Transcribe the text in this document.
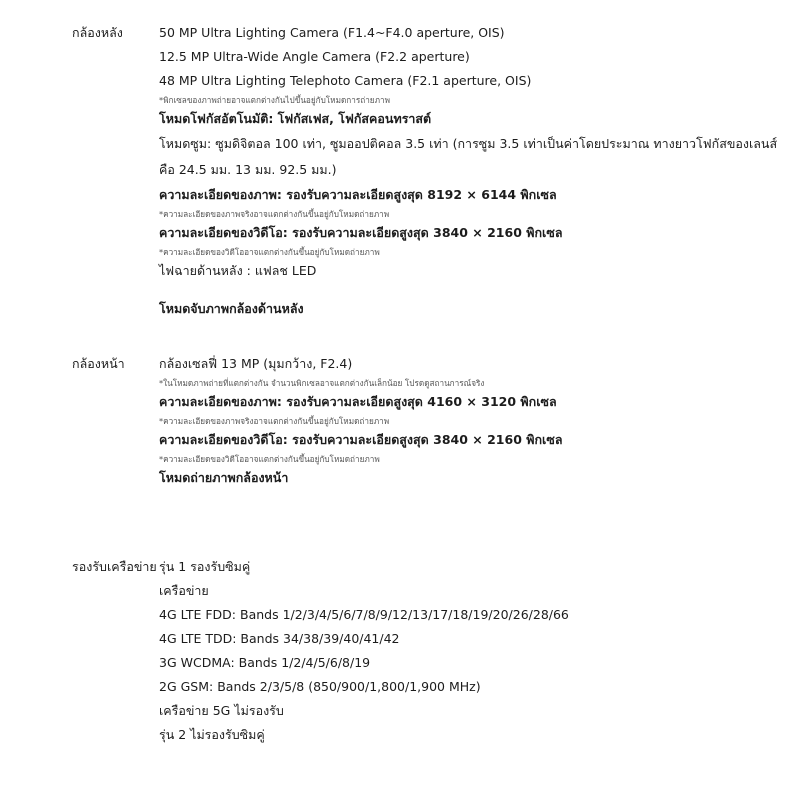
กล้องหลัง	50 MP Ultra Lighting Camera (F1.4~F4.0 aperture, OIS)
12.5 MP Ultra-Wide Angle Camera (F2.2 aperture)
48 MP Ultra Lighting Telephoto Camera (F2.1 aperture, OIS)
*พิกเซลของภาพถ่ายอาจแตกต่างกันไปขึ้นอยู่กับโหมดการถ่ายภาพ
โหมดโฟกัสอัตโนมัติ: โฟกัสเฟส, โฟกัสคอนทราสต์
โหมดซูม: ซูมดิจิตอล 100 เท่า, ซูมออปติคอล 3.5 เท่า (การซูม 3.5 เท่าเป็นค่าโดยประมาณ ทางยาวโฟกัสของเลนส์คือ 24.5 มม. 13 มม. 92.5 มม.)
ความละเอียดของภาพ: รองรับความละเอียดสูงสุด 8192 × 6144 พิกเซล
*ความละเอียดของภาพจริงอาจแตกต่างกันขึ้นอยู่กับโหมดถ่ายภาพ
ความละเอียดของวิดีโอ: รองรับความละเอียดสูงสุด 3840 × 2160 พิกเซล
*ความละเอียดของวิดีโออาจแตกต่างกันขึ้นอยู่กับโหมดถ่ายภาพ
ไฟฉายด้านหลัง : แฟลช LED
โหมดจับภาพกล้องด้านหลัง
กล้องหน้า	กล้องเซลฟี่ 13 MP (มุมกว้าง, F2.4)
*ในโหมดภาพถ่ายที่แตกต่างกัน จำนวนพิกเซลอาจแตกต่างกันเล็กน้อย โปรดดูสถานการณ์จริง
ความละเอียดของภาพ: รองรับความละเอียดสูงสุด 4160 × 3120 พิกเซล
*ความละเอียดของภาพจริงอาจแตกต่างกันขึ้นอยู่กับโหมดถ่ายภาพ
ความละเอียดของวิดีโอ: รองรับความละเอียดสูงสุด 3840 × 2160 พิกเซล
*ความละเอียดของวิดีโออาจแตกต่างกันขึ้นอยู่กับโหมดถ่ายภาพ
โหมดถ่ายภาพกล้องหน้า
รองรับเครือข่าย รุ่น 1 รองรับซิมคู่
เครือข่าย
4G LTE FDD: Bands 1/2/3/4/5/6/7/8/9/12/13/17/18/19/20/26/28/66
4G LTE TDD: Bands 34/38/39/40/41/42
3G WCDMA: Bands 1/2/4/5/6/8/19
2G GSM: Bands 2/3/5/8 (850/900/1,800/1,900 MHz)
เครือข่าย 5G ไม่รองรับ
รุ่น 2 ไม่รองรับซิมคู่
